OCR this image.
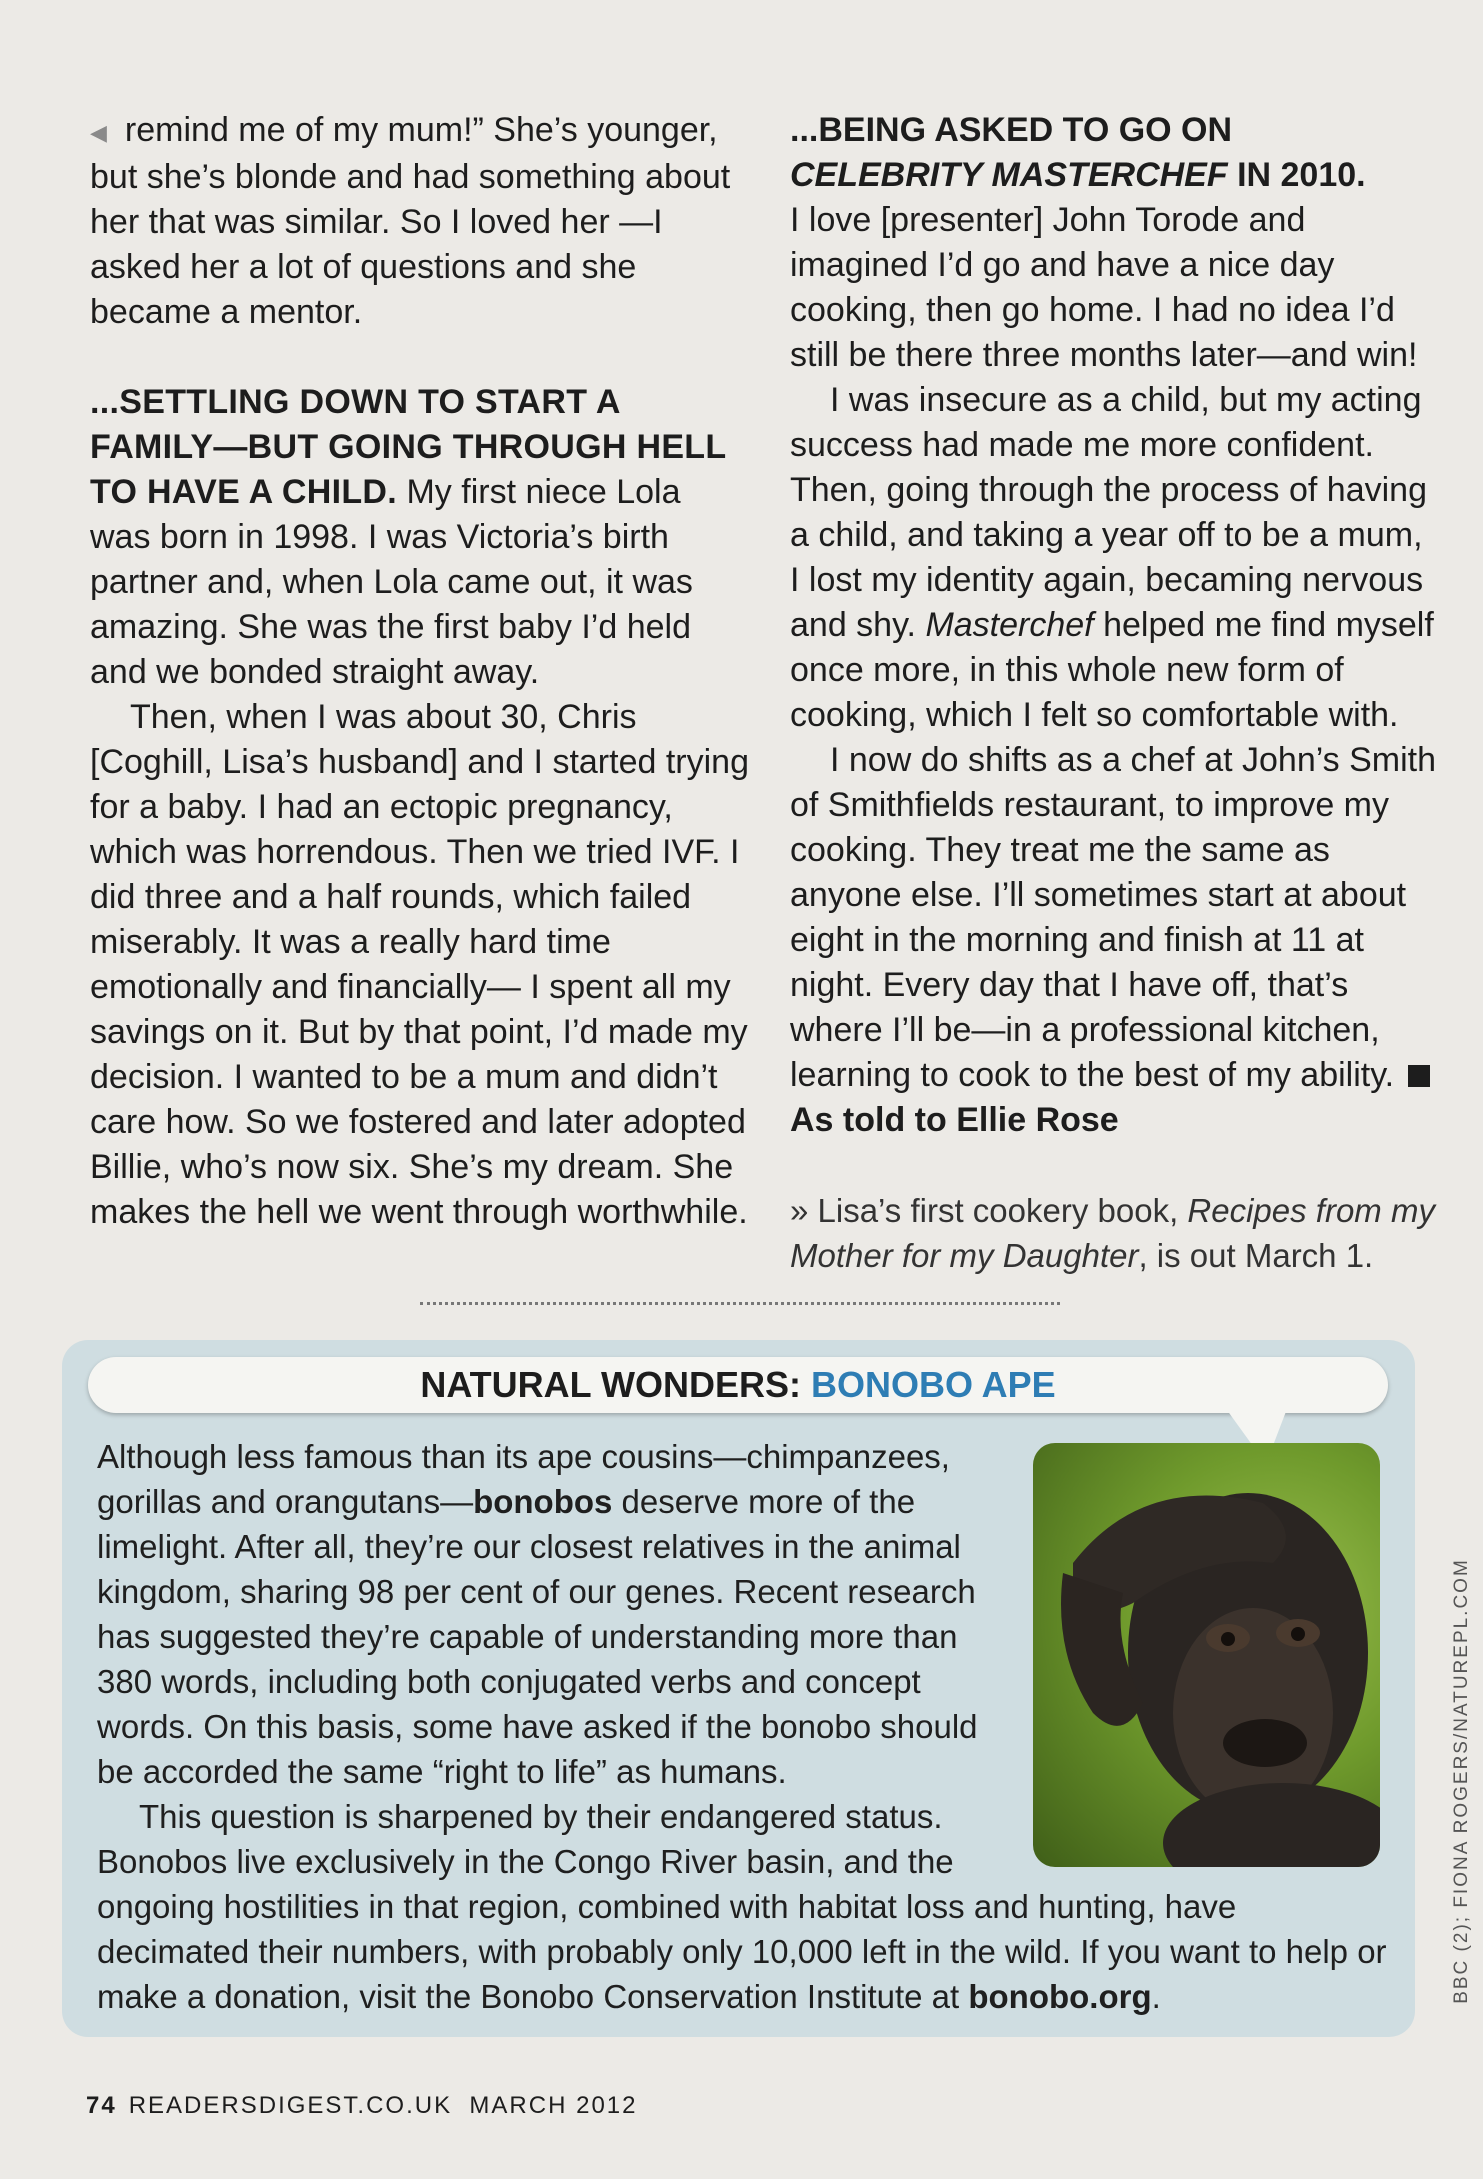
◀ remind me of my mum!” She’s younger, but she’s blonde and had something about her that was similar. So I loved her —I asked her a lot of questions and she became a mentor.

...SETTLING DOWN TO START A FAMILY—BUT GOING THROUGH HELL TO HAVE A CHILD. My first niece Lola was born in 1998. I was Victoria’s birth partner and, when Lola came out, it was amazing. She was the first baby I’d held and we bonded straight away.

Then, when I was about 30, Chris [Coghill, Lisa’s husband] and I started trying for a baby. I had an ectopic pregnancy, which was horrendous. Then we tried IVF. I did three and a half rounds, which failed miserably. It was a really hard time emotionally and financially— I spent all my savings on it. But by that point, I’d made my decision. I wanted to be a mum and didn’t care how. So we fostered and later adopted Billie, who’s now six. She’s my dream. She makes the hell we went through worthwhile.

...BEING ASKED TO GO ON
CELEBRITY MASTERCHEF IN 2010.

I love [presenter] John Torode and imagined I’d go and have a nice day cooking, then go home. I had no idea I’d still be there three months later—and win!

I was insecure as a child, but my acting success had made me more confident. Then, going through the process of having a child, and taking a year off to be a mum, I lost my identity again, becaming nervous and shy. Masterchef helped me find myself once more, in this whole new form of cooking, which I felt so comfortable with.

I now do shifts as a chef at John’s Smith of Smithfields restaurant, to improve my cooking. They treat me the same as anyone else. I’ll sometimes start at about eight in the morning and finish at 11 at night. Every day that I have off, that’s where I’ll be—in a professional kitchen, learning to cook to the best of my ability.

As told to Ellie Rose

» Lisa’s first cookery book, Recipes from my Mother for my Daughter, is out March 1.

NATURAL WONDERS: BONOBO APE

Although less famous than its ape cousins—chimpanzees, gorillas and orangutans—bonobos deserve more of the limelight. After all, they’re our closest relatives in the animal kingdom, sharing 98 per cent of our genes. Recent research has suggested they’re capable of understanding more than 380 words, including both conjugated verbs and concept words. On this basis, some have asked if the bonobo should be accorded the same “right to life” as humans.

This question is sharpened by their endangered status. Bonobos live exclusively in the Congo River basin, and the ongoing hostilities in that region, combined with habitat loss and hunting, have decimated their numbers, with probably only 10,000 left in the wild. If you want to help or make a donation, visit the Bonobo Conservation Institute at bonobo.org.

74 READERSDIGEST.CO.UK  MARCH 2012
BBC (2); FIONA ROGERS/NATUREPL.COM
